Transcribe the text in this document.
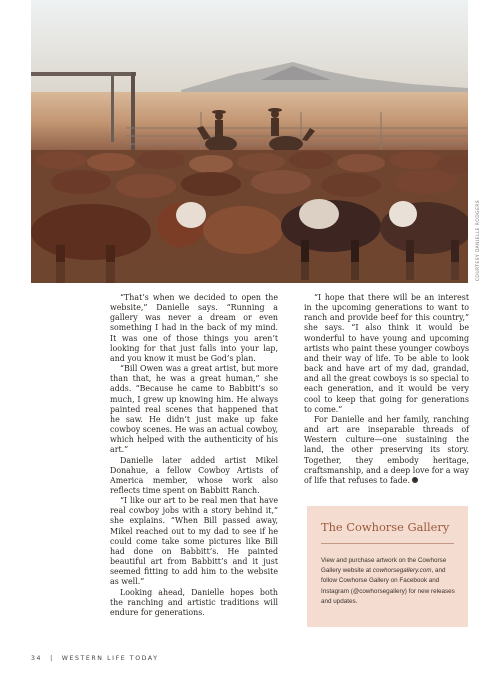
COURTESY DANIELLE RODGERS

“That’s when we decided to open the website,” Danielle says. “Running a gallery was never a dream or even something I had in the back of my mind. It was one of those things you aren’t looking for that just falls into your lap, and you know it must be God’s plan.

“Bill Owen was a great artist, but more than that, he was a great human,” she adds. “Because he came to Babbitt’s so much, I grew up knowing him. He always painted real scenes that happened that he saw. He didn’t just make up fake cowboy scenes. He was an actual cowboy, which helped with the authenticity of his art.”

Danielle later added artist Mikel Donahue, a fellow Cowboy Artists of America member, whose work also reflects time spent on Babbitt Ranch.

“I like our art to be real men that have real cowboy jobs with a story behind it,” she explains. “When Bill passed away, Mikel reached out to my dad to see if he could come take some pictures like Bill had done on Babbitt’s. He painted beautiful art from Babbitt’s and it just seemed fitting to add him to the website as well.”

Looking ahead, Danielle hopes both the ranching and artistic traditions will endure for generations.

“I hope that there will be an interest in the upcoming generations to want to ranch and provide beef for this country,” she says. “I also think it would be wonderful to have young and upcoming artists who paint these younger cowboys and their way of life. To be able to look back and have art of my dad, grandad, and all the great cowboys is so special to each generation, and it would be very cool to keep that going for generations to come.”

For Danielle and her family, ranching and art are inseparable threads of Western culture—one sustaining the land, the other preserving its story. Together, they embody heritage, craftsmanship, and a deep love for a way of life that refuses to fade.

The Cowhorse Gallery

View and purchase artwork on the Cowhorse Gallery website at cowhorsegallery.com, and follow Cowhorse Gallery on Facebook and Instagram (@cowhorsegallery) for new releases and updates.

34 | WESTERN LIFE TODAY
